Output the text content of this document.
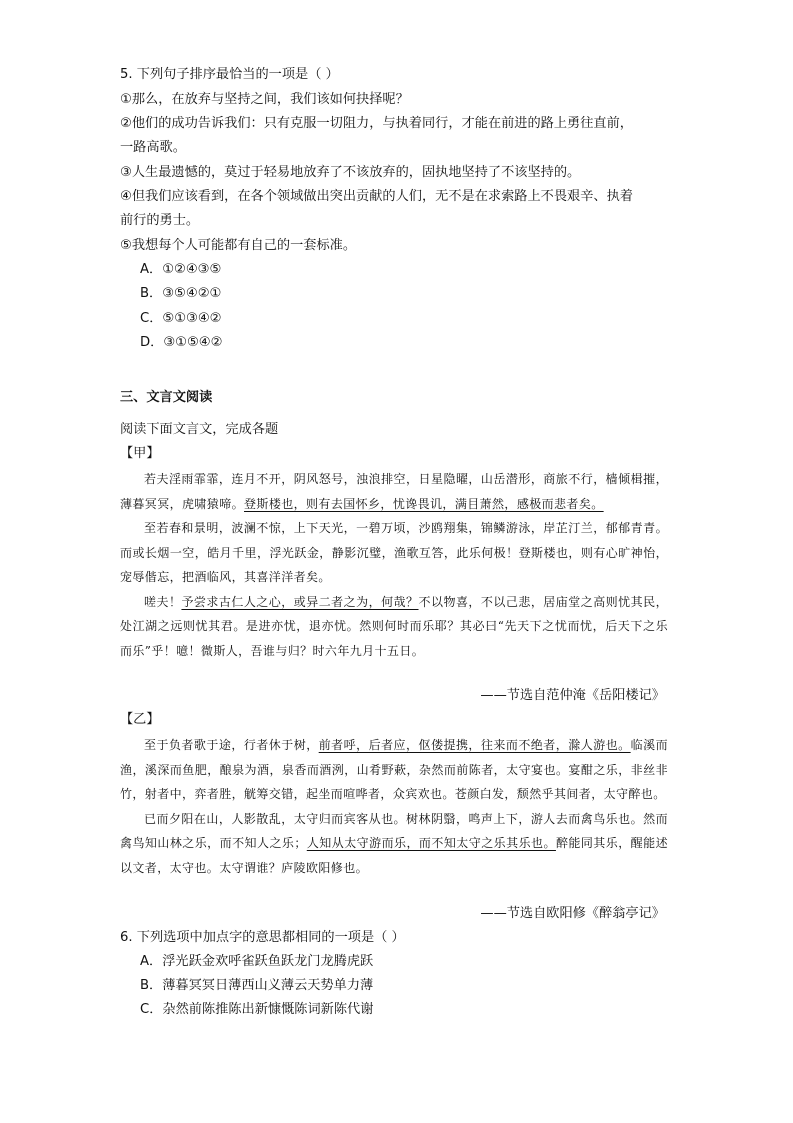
5. 下列句子排序最恰当的一项是（ ）
①那么，在放弃与坚持之间，我们该如何抉择呢？
②他们的成功告诉我们：只有克服一切阻力，与执着同行，才能在前进的路上勇往直前，
一路高歌。
③人生最遗憾的，莫过于轻易地放弃了不该放弃的，固执地坚持了不该坚持的。
④但我们应该看到，在各个领域做出突出贡献的人们，无不是在求索路上不畏艰辛、执着
前行的勇士。
⑤我想每个人可能都有自己的一套标准。
A．①②④③⑤
B．③⑤④②①
C．⑤①③④②
D．③①⑤④②
三、文言文阅读
阅读下面文言文，完成各题
【甲】

若夫淫雨霏霏，连月不开，阴风怒号，浊浪排空，日星隐曜，山岳潜形，商旅不行，樯倾楫摧，薄暮冥冥，虎啸猿啼。登斯楼也，则有去国怀乡，忧谗畏讥，满目萧然，感极而悲者矣。

至若春和景明，波澜不惊，上下天光，一碧万顷，沙鸥翔集，锦鳞游泳，岸芷汀兰，郁郁青青。而或长烟一空，皓月千里，浮光跃金，静影沉璧，渔歌互答，此乐何极！登斯楼也，则有心旷神怡，宠辱偕忘，把酒临风，其喜洋洋者矣。

嗟夫！予尝求古仁人之心，或异二者之为，何哉？不以物喜，不以己悲，居庙堂之高则忧其民，处江湖之远则忧其君。是进亦忧，退亦忧。然则何时而乐耶？其必曰“先天下之忧而忧，后天下之乐而乐”乎！噫！微斯人，吾谁与归？时六年九月十五日。

——节选自范仲淹《岳阳楼记》
【乙】

至于负者歌于途，行者休于树，前者呼，后者应，伛偻提携，往来而不绝者，滁人游也。临溪而渔，溪深而鱼肥，酿泉为酒，泉香而酒洌，山肴野蔌，杂然而前陈者，太守宴也。宴酣之乐，非丝非竹，射者中，弈者胜，觥筹交错，起坐而喧哗者，众宾欢也。苍颜白发，颓然乎其间者，太守醉也。

已而夕阳在山，人影散乱，太守归而宾客从也。树林阴翳，鸣声上下，游人去而禽鸟乐也。然而禽鸟知山林之乐，而不知人之乐；人知从太守游而乐，而不知太守之乐其乐也。醉能同其乐，醒能述以文者，太守也。太守谓谁？庐陵欧阳修也。

——节选自欧阳修《醉翁亭记》
6. 下列选项中加点字的意思都相同的一项是（ ）
A．浮光跃金欢呼雀跃鱼跃龙门龙腾虎跃
B．薄暮冥冥日薄西山义薄云天势单力薄
C．杂然前陈推陈出新慷慨陈词新陈代谢
